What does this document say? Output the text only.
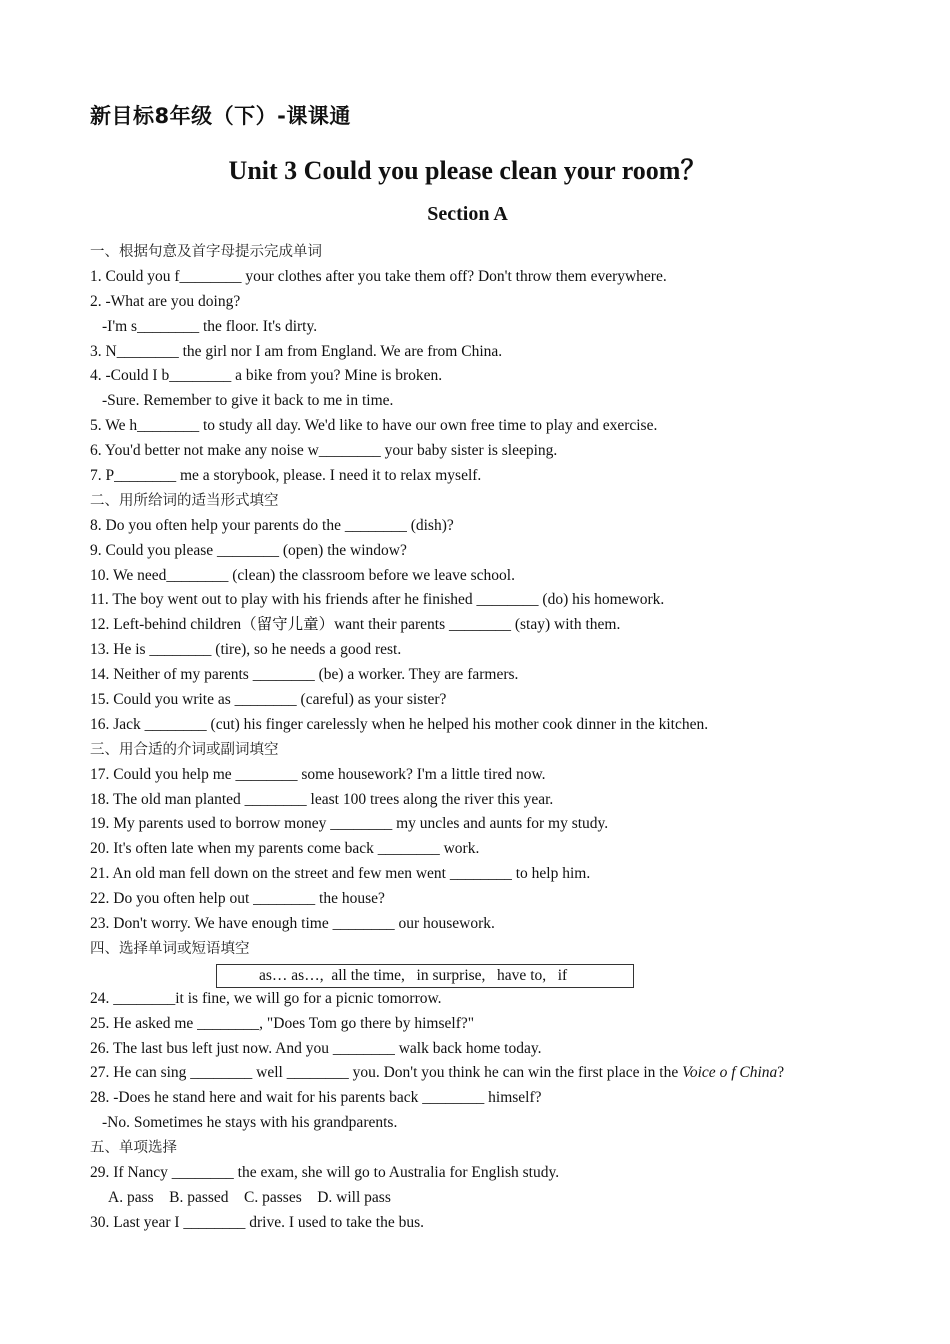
新目标8年级（下）-课课通
Unit 3 Could you please clean your room？
Section A
一、根据句意及首字母提示完成单词
1. Could you f________ your clothes after you take them off? Don't throw them everywhere.
2. -What are you doing?
-I'm s________ the floor. It's dirty.
3. N________ the girl nor I am from England. We are from China.
4. -Could I b________ a bike from you? Mine is broken.
-Sure. Remember to give it back to me in time.
5. We h________ to study all day. We'd like to have our own free time to play and exercise.
6. You'd better not make any noise w________ your baby sister is sleeping.
7. P________ me a storybook, please. I need it to relax myself.
二、用所给词的适当形式填空
8. Do you often help your parents do the ________ (dish)?
9. Could you please ________ (open) the window?
10. We need________ (clean) the classroom before we leave school.
11. The boy went out to play with his friends after he finished ________ (do) his homework.
12. Left-behind children（留守儿童）want their parents ________ (stay) with them.
13. He is ________ (tire), so he needs a good rest.
14. Neither of my parents ________ (be) a worker. They are farmers.
15. Could you write as ________ (careful) as your sister?
16. Jack ________ (cut) his finger carelessly when he helped his mother cook dinner in the kitchen.
三、用合适的介词或副词填空
17. Could you help me ________ some housework? I'm a little tired now.
18. The old man planted ________ least 100 trees along the river this year.
19. My parents used to borrow money ________ my uncles and aunts for my study.
20. It's often late when my parents come back ________ work.
21. An old man fell down on the street and few men went ________ to help him.
22. Do you often help out ________ the house?
23. Don't worry. We have enough time ________ our housework.
四、选择单词或短语填空
as… as…,  all the time,   in surprise,   have to,   if
24. ________it is fine, we will go for a picnic tomorrow.
25. He asked me ________, "Does Tom go there by himself?"
26. The last bus left just now. And you ________ walk back home today.
27. He can sing ________ well ________ you. Don't you think he can win the first place in the Voice o f China?
28. -Does he stand here and wait for his parents back ________ himself?
-No. Sometimes he stays with his grandparents.
五、单项选择
29. If Nancy ________ the exam, she will go to Australia for English study.
A. pass    B. passed    C. passes    D. will pass
30. Last year I ________ drive. I used to take the bus.
